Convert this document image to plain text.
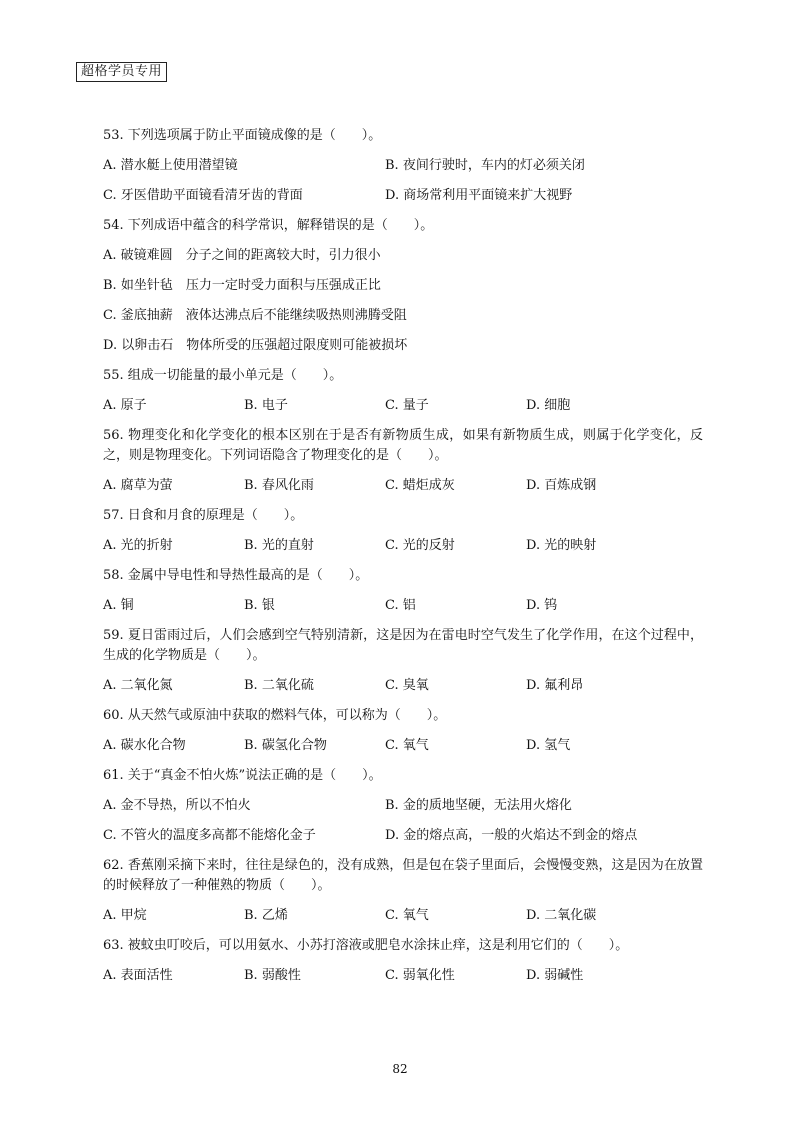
超格学员专用
53. 下列选项属于防止平面镜成像的是（　　）。
A. 潜水艇上使用潜望镜	B. 夜间行驶时，车内的灯必须关闭
C. 牙医借助平面镜看清牙齿的背面	D. 商场常利用平面镜来扩大视野
54. 下列成语中蕴含的科学常识，解释错误的是（　　）。
A. 破镜难圆　分子之间的距离较大时，引力很小
B. 如坐针毡　压力一定时受力面积与压强成正比
C. 釜底抽薪　液体达沸点后不能继续吸热则沸腾受阻
D. 以卵击石　物体所受的压强超过限度则可能被损坏
55. 组成一切能量的最小单元是（　　）。
A. 原子	B. 电子	C. 量子	D. 细胞
56. 物理变化和化学变化的根本区别在于是否有新物质生成，如果有新物质生成，则属于化学变化，反之，则是物理变化。下列词语隐含了物理变化的是（　　）。
A. 腐草为萤	B. 春风化雨	C. 蜡炬成灰	D. 百炼成钢
57. 日食和月食的原理是（　　）。
A. 光的折射	B. 光的直射	C. 光的反射	D. 光的映射
58. 金属中导电性和导热性最高的是（　　）。
A. 铜	B. 银	C. 铝	D. 钨
59. 夏日雷雨过后，人们会感到空气特别清新，这是因为在雷电时空气发生了化学作用，在这个过程中，生成的化学物质是（　　）。
A. 二氧化氮	B. 二氧化硫	C. 臭氧	D. 氟利昂
60. 从天然气或原油中获取的燃料气体，可以称为（　　）。
A. 碳水化合物	B. 碳氢化合物	C. 氧气	D. 氢气
61. 关于“真金不怕火炼”说法正确的是（　　）。
A. 金不导热，所以不怕火	B. 金的质地坚硬，无法用火熔化
C. 不管火的温度多高都不能熔化金子	D. 金的熔点高，一般的火焰达不到金的熔点
62. 香蕉刚采摘下来时，往往是绿色的，没有成熟，但是包在袋子里面后，会慢慢变熟，这是因为在放置的时候释放了一种催熟的物质（　　）。
A. 甲烷	B. 乙烯	C. 氧气	D. 二氧化碳
63. 被蚊虫叮咬后，可以用氨水、小苏打溶液或肥皂水涂抹止痒，这是利用它们的（　　）。
A. 表面活性	B. 弱酸性	C. 弱氧化性	D. 弱碱性
82
